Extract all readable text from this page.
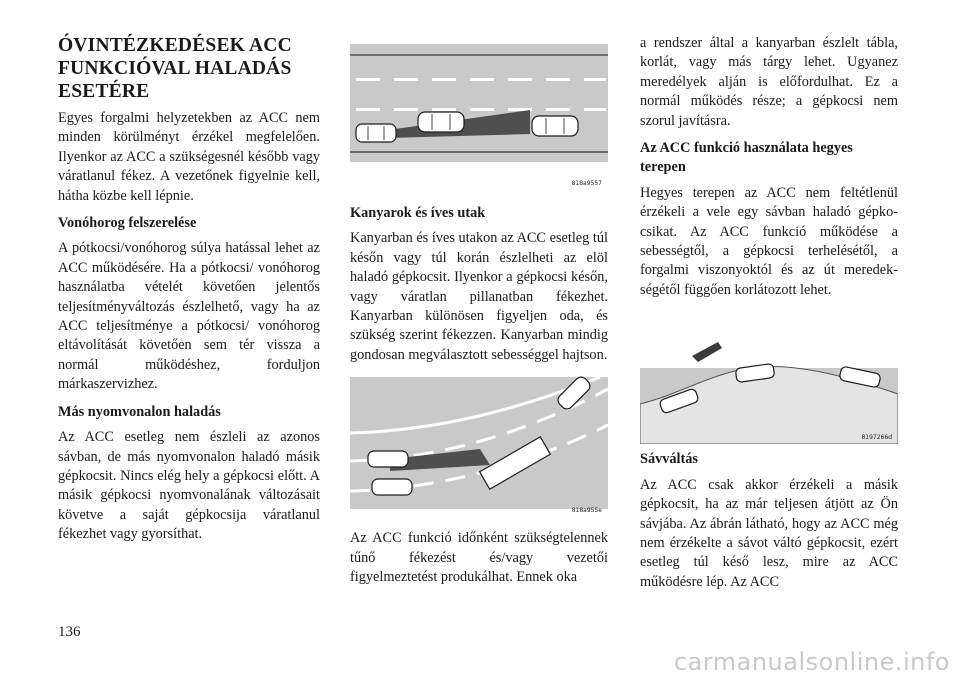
ÓVINTÉZKEDÉSEK ACC
FUNKCIÓVAL HALADÁS
ESETÉRE

Egyes forgalmi helyzetekben az ACC nem minden körülményt érzékel megfelelően. Ilyenkor az ACC a szükségesnél később vagy váratlanul fékez. A vezetőnek figyelnie kell, hátha közbe kell lépnie.

Vonóhorog felszerelése

A pótkocsi/vonóhorog súlya hatással lehet az ACC működésére. Ha a pótkocsi/ vonóhorog használatba vételét követően jelentős teljesítményváltozás észlelhető, vagy ha az ACC teljesítménye a pótkocsi/ vonóhorog eltávolítását követően sem tér vissza a normál működéshez, forduljon márkaszervizhez.

Más nyomvonalon haladás

Az ACC esetleg nem észleli az azonos sávban, de más nyomvonalon haladó másik gépkocsit. Nincs elég hely a gépkocsi előtt. A másik gépkocsi nyomvonalának változásait követve a saját gépkocsija váratlanul fékezhet vagy gyorsíthat.

818a9557
Kanyarok és íves utak

Kanyarban és íves utakon az ACC esetleg túl későn vagy túl korán észlelheti az elöl haladó gépkocsit. Ilyenkor a gépkocsi későn, vagy váratlan pillanatban fékezhet. Kanyarban különösen figyeljen oda, és szükség szerint fékezzen. Kanyarban mindig gondosan megválasztott sebességgel hajtson.

818a955e

Az ACC funkció időnként szükségtelennek tűnő fékezést és/vagy vezetői figyelmeztetést produkálhat. Ennek oka

a rendszer által a kanyarban észlelt tábla, korlát, vagy más tárgy lehet. Ugyanez meredélyek alján is előfordulhat. Ez a normál működés része; a gépkocsi nem szorul javításra.

Az ACC funkció használata hegyes
terepen

Hegyes terepen az ACC nem feltétlenül érzékeli a vele egy sávban haladó gépkocsikat. Az ACC funkció működése a sebességtől, a gépkocsi terhelésétől, a forgalmi viszonyoktól és az út meredekségétől függően korlátozott lehet.

8197266d
Sávváltás

Az ACC csak akkor érzékeli a másik gépkocsit, ha az már teljesen átjött az Ön sávjába. Az ábrán látható, hogy az ACC még nem érzékelte a sávot váltó gépkocsit, ezért esetleg túl késő lesz, mire az ACC működésre lép. Az ACC

136
carmanualsonline.info
